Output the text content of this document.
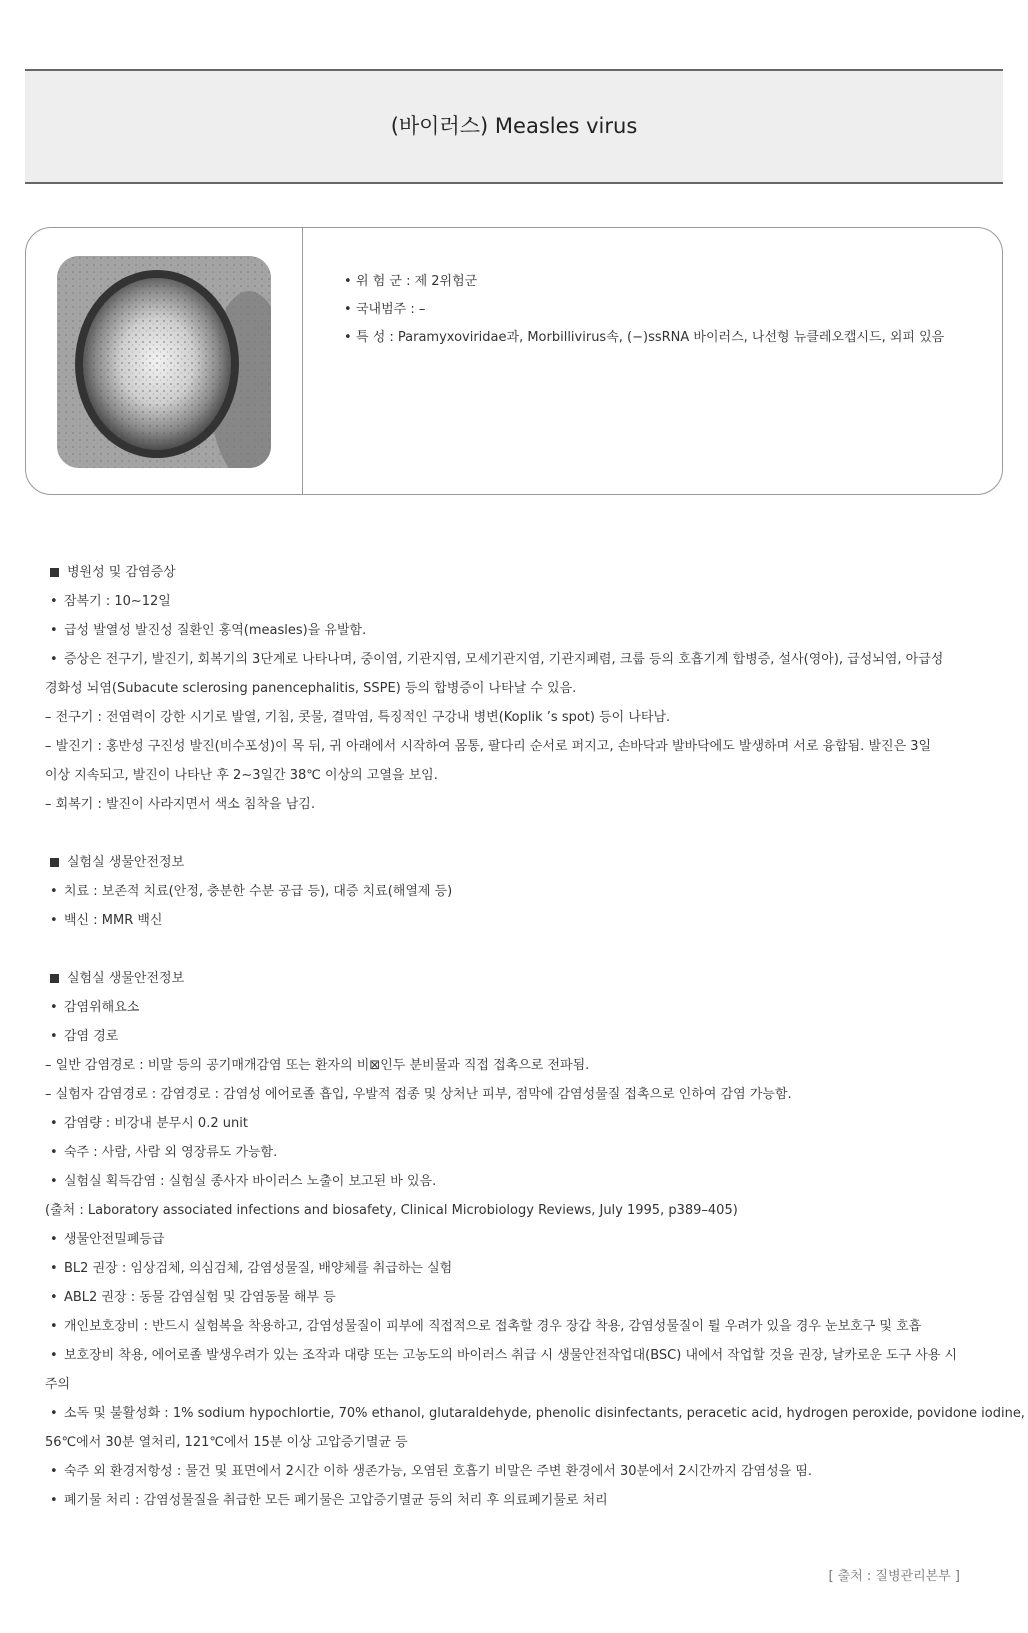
(바이러스) Measles virus
• 위 험 군 : 제 2위험군
• 국내범주 : –
• 특 성 : Paramyxoviridae과, Morbillivirus속, (−)ssRNA 바이러스, 나선형 뉴클레오캡시드, 외피 있음
병원성 및 감염증상
• 잠복기 : 10∼12일
• 급성 발열성 발진성 질환인 홍역(measles)을 유발함.
• 증상은 전구기, 발진기, 회복기의 3단계로 나타나며, 중이염, 기관지염, 모세기관지염, 기관지폐렴, 크룹 등의 호흡기계 합병증, 설사(영아), 급성뇌염, 아급성
경화성 뇌염(Subacute sclerosing panencephalitis, SSPE) 등의 합병증이 나타날 수 있음.
– 전구기 : 전염력이 강한 시기로 발열, 기침, 콧물, 결막염, 특징적인 구강내 병변(Koplik ’s spot) 등이 나타남.
– 발진기 : 홍반성 구진성 발진(비수포성)이 목 뒤, 귀 아래에서 시작하여 몸통, 팔다리 순서로 퍼지고, 손바닥과 발바닥에도 발생하며 서로 융합됨. 발진은 3일
이상 지속되고, 발진이 나타난 후 2∼3일간 38℃ 이상의 고열을 보임.
– 회복기 : 발진이 사라지면서 색소 침착을 남김.
실험실 생물안전정보
• 치료 : 보존적 치료(안정, 충분한 수분 공급 등), 대증 치료(해열제 등)
• 백신 : MMR 백신
실험실 생물안전정보
• 감염위해요소
• 감염 경로
– 일반 감염경로 : 비말 등의 공기매개감염 또는 환자의 비⊠인두 분비물과 직접 접촉으로 전파됨.
– 실험자 감염경로 : 감염경로 : 감염성 에어로졸 흡입, 우발적 접종 및 상처난 피부, 점막에 감염성물질 접촉으로 인하여 감염 가능함.
• 감염량 : 비강내 분무시 0.2 unit
• 숙주 : 사람, 사람 외 영장류도 가능함.
• 실험실 획득감염 : 실험실 종사자 바이러스 노출이 보고된 바 있음.
(출처 : Laboratory associated infections and biosafety, Clinical Microbiology Reviews, July 1995, p389–405)
• 생물안전밀폐등급
• BL2 권장 : 임상검체, 의심검체, 감염성물질, 배양체를 취급하는 실험
• ABL2 권장 : 동물 감염실험 및 감염동물 해부 등
• 개인보호장비 : 반드시 실험복을 착용하고, 감염성물질이 피부에 직접적으로 접촉할 경우 장갑 착용, 감염성물질이 튈 우려가 있을 경우 눈보호구 및 호흡
• 보호장비 착용, 에어로졸 발생우려가 있는 조작과 대량 또는 고농도의 바이러스 취급 시 생물안전작업대(BSC) 내에서 작업할 것을 권장, 날카로운 도구 사용 시
주의
• 소독 및 불활성화 : 1% sodium hypochlortie, 70% ethanol, glutaraldehyde, phenolic disinfectants, peracetic acid, hydrogen peroxide, povidone iodine,
56℃에서 30분 열처리, 121℃에서 15분 이상 고압증기멸균 등
• 숙주 외 환경저항성 : 물건 및 표면에서 2시간 이하 생존가능, 오염된 호흡기 비말은 주변 환경에서 30분에서 2시간까지 감염성을 띰.
• 폐기물 처리 : 감염성물질을 취급한 모든 폐기물은 고압증기멸균 등의 처리 후 의료폐기물로 처리
[ 출처 : 질병관리본부 ]
